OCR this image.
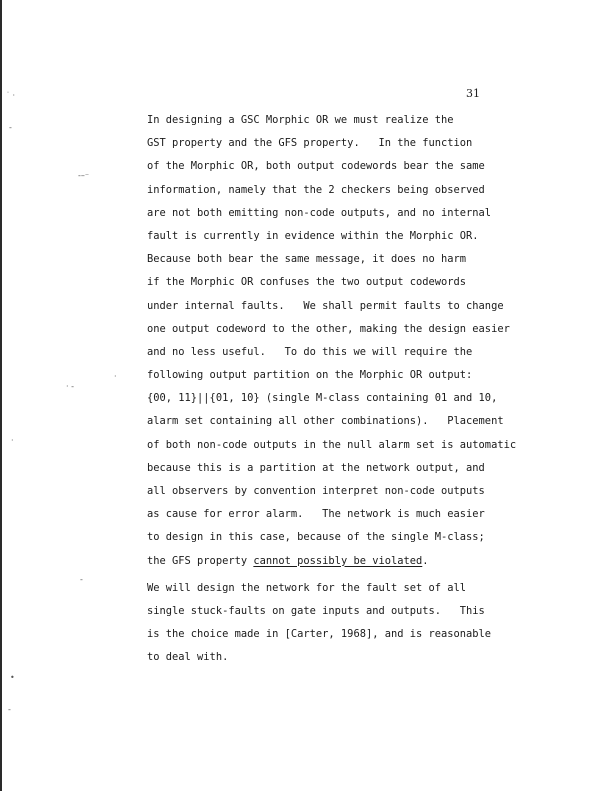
31
˙ ·
-
-–⁻
· -
·
·
-
•
-
In designing a GSC Morphic OR we must realize the
GST property and the GFS property.   In the function
of the Morphic OR, both output codewords bear the same
information, namely that the 2 checkers being observed
are not both emitting non-code outputs, and no internal
fault is currently in evidence within the Morphic OR.
Because both bear the same message, it does no harm
if the Morphic OR confuses the two output codewords
under internal faults.   We shall permit faults to change
one output codeword to the other, making the design easier
and no less useful.   To do this we will require the
following output partition on the Morphic OR output:
{00, 11}||{01, 10} (single M-class containing 01 and 10,
alarm set containing all other combinations).   Placement
of both non-code outputs in the null alarm set is automatic
because this is a partition at the network output, and
all observers by convention interpret non-code outputs
as cause for error alarm.   The network is much easier
to design in this case, because of the single M-class;
the GFS property cannot possibly be violated.
We will design the network for the fault set of all
single stuck-faults on gate inputs and outputs.   This
is the choice made in [Carter, 1968], and is reasonable
to deal with.
